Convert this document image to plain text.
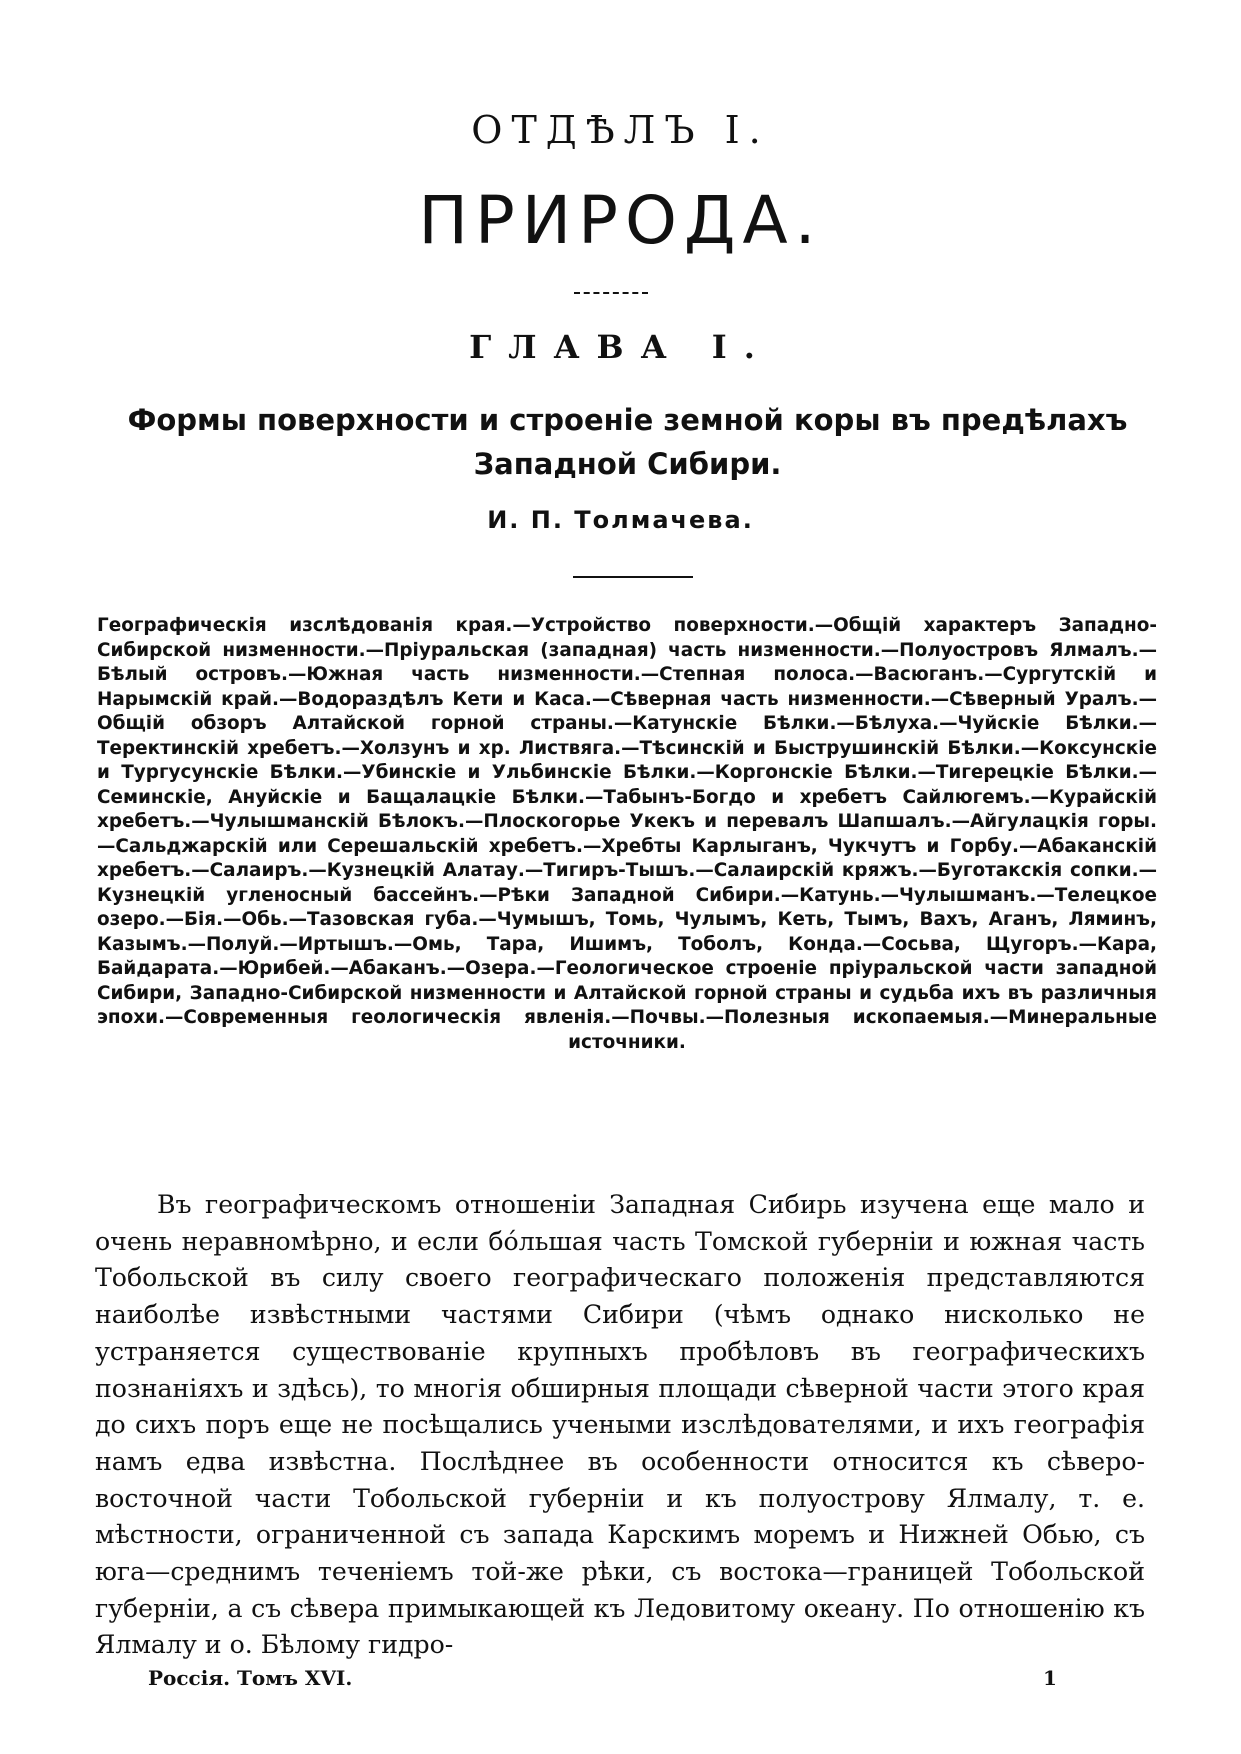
ОТДѢЛЪ I.
ПРИРОДА.
ГЛАВА I.
Формы поверхности и строеніе земной коры въ предѣлахъ Западной Сибири.
И. П. Толмачева.
Географическія изслѣдованія края.—Устройство поверхности.—Общій характеръ Западно-Сибирской низменности.—Пріуральская (западная) часть низменности.—Полуостровъ Ялмалъ.—Бѣлый островъ.—Южная часть низменности.—Степная полоса.—Васюганъ.—Сургутскій и Нарымскій край.—Водораздѣлъ Кети и Каса.—Сѣверная часть низменности.—Сѣверный Уралъ.—Общій обзоръ Алтайской горной страны.—Катунскіе Бѣлки.—Бѣлуха.—Чуйскіе Бѣлки.—Теректинскій хребетъ.—Холзунъ и хр. Листвяга.—Тѣсинскій и Быструшинскій Бѣлки.—Коксунскіе и Тургусунскіе Бѣлки.—Убинскіе и Ульбинскіе Бѣлки.—Коргонскіе Бѣлки.—Тигерецкіе Бѣлки.—Семинскіе, Ануйскіе и Бащалацкіе Бѣлки.—Табынъ-Богдо и хребетъ Сайлюгемъ.—Курайскій хребетъ.—Чулышманскій Бѣлокъ.—Плоскогорье Укекъ и перевалъ Шапшалъ.—Айгулацкія горы.—Сальджарскій или Серешальскій хребетъ.—Хребты Карлыганъ, Чукчутъ и Горбу.—Абаканскій хребетъ.—Салаиръ.—Кузнецкій Алатау.—Тигиръ-Тышъ.—Салаирскій кряжъ.—Буготакскія сопки.—Кузнецкій угленосный бассейнъ.—Рѣки Западной Сибири.—Катунь.—Чулышманъ.—Телецкое озеро.—Бія.—Обь.—Тазовская губа.—Чумышъ, Томь, Чулымъ, Кеть, Тымъ, Вахъ, Аганъ, Ляминъ, Казымъ.—Полуй.—Иртышъ.—Омь, Тара, Ишимъ, Тоболъ, Конда.—Сосьва, Щугоръ.—Кара, Байдарата.—Юрибей.—Абаканъ.—Озера.—Геологическое строеніе пріуральской части западной Сибири, Западно-Сибирской низменности и Алтайской горной страны и судьба ихъ въ различныя эпохи.—Современныя геологическія явленія.—Почвы.—Полезныя ископаемыя.—Минеральные источники.
Въ географическомъ отношеніи Западная Сибирь изучена еще мало и очень неравномѣрно, и если бóльшая часть Томской губерніи и южная часть Тобольской въ силу своего географическаго положенія представляются наиболѣе извѣстными частями Сибири (чѣмъ однако нисколько не устраняется существованіе крупныхъ пробѣловъ въ географическихъ познаніяхъ и здѣсь), то многія обширныя площади сѣверной части этого края до сихъ поръ еще не посѣщались учеными изслѣдователями, и ихъ географія намъ едва извѣстна. Послѣднее въ особенности относится къ сѣверо-восточной части Тобольской губерніи и къ полуострову Ялмалу, т. е. мѣстности, ограниченной съ запада Карскимъ моремъ и Нижней Обью, съ юга—среднимъ теченіемъ той-же рѣки, съ востока—границей Тобольской губерніи, а съ сѣвера примыкающей къ Ледовитому океану. По отношенію къ Ялмалу и о. Бѣлому гидро-
Россія. Томъ XVI.	1
